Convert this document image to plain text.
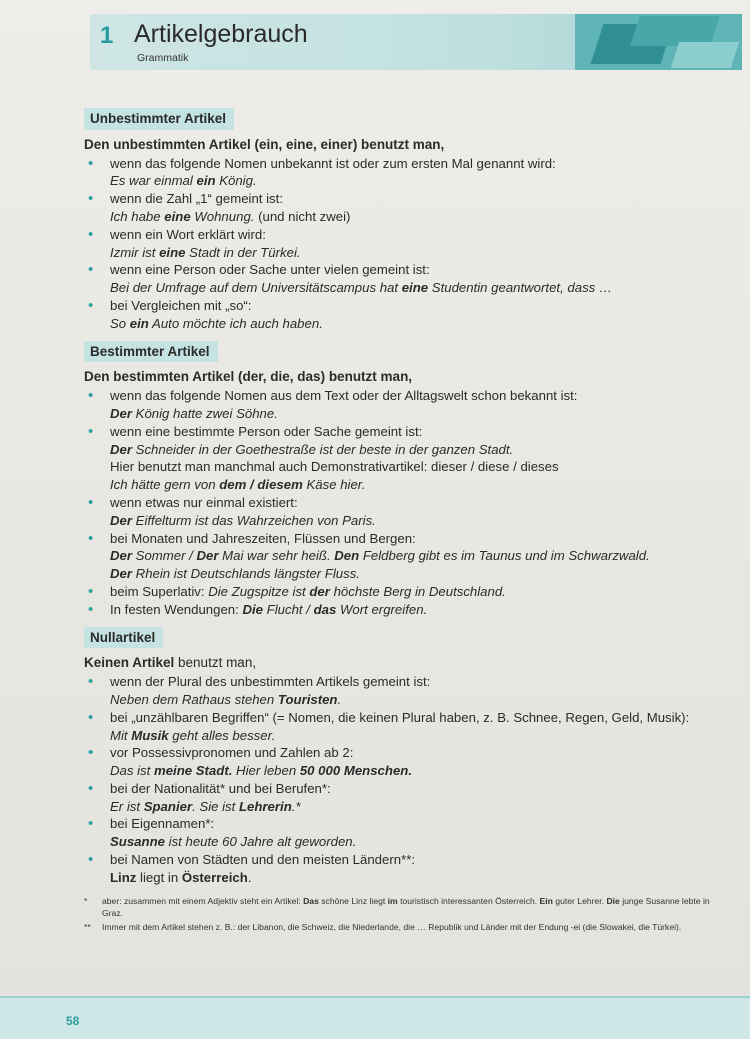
1 Artikelgebrauch
Grammatik
Unbestimmter Artikel
Den unbestimmten Artikel (ein, eine, einer) benutzt man,
• wenn das folgende Nomen unbekannt ist oder zum ersten Mal genannt wird:
Es war einmal ein König.
• wenn die Zahl „1“ gemeint ist:
Ich habe eine Wohnung. (und nicht zwei)
• wenn ein Wort erklärt wird:
Izmir ist eine Stadt in der Türkei.
• wenn eine Person oder Sache unter vielen gemeint ist:
Bei der Umfrage auf dem Universitätscampus hat eine Studentin geantwortet, dass …
• bei Vergleichen mit „so“:
So ein Auto möchte ich auch haben.
Bestimmter Artikel
Den bestimmten Artikel (der, die, das) benutzt man,
• wenn das folgende Nomen aus dem Text oder der Alltagswelt schon bekannt ist:
Der König hatte zwei Söhne.
• wenn eine bestimmte Person oder Sache gemeint ist:
Der Schneider in der Goethestraße ist der beste in der ganzen Stadt.
Hier benutzt man manchmal auch Demonstrativartikel: dieser / diese / dieses
Ich hätte gern von dem / diesem Käse hier.
• wenn etwas nur einmal existiert:
Der Eiffelturm ist das Wahrzeichen von Paris.
• bei Monaten und Jahreszeiten, Flüssen und Bergen:
Der Sommer / Der Mai war sehr heiß. Den Feldberg gibt es im Taunus und im Schwarzwald.
Der Rhein ist Deutschlands längster Fluss.
• beim Superlativ: Die Zugspitze ist der höchste Berg in Deutschland.
• In festen Wendungen: Die Flucht / das Wort ergreifen.
Nullartikel
Keinen Artikel benutzt man,
• wenn der Plural des unbestimmten Artikels gemeint ist:
Neben dem Rathaus stehen Touristen.
• bei „unzählbaren Begriffen“ (= Nomen, die keinen Plural haben, z. B. Schnee, Regen, Geld, Musik): Mit Musik geht alles besser.
• vor Possessivpronomen und Zahlen ab 2:
Das ist meine Stadt. Hier leben 50 000 Menschen.
• bei der Nationalität* und bei Berufen*:
Er ist Spanier. Sie ist Lehrerin.*
• bei Eigennamen*:
Susanne ist heute 60 Jahre alt geworden.
• bei Namen von Städten und den meisten Ländern**:
Linz liegt in Österreich.
* aber: zusammen mit einem Adjektiv steht ein Artikel: Das schöne Linz liegt im touristisch interessanten Österreich. Ein guter Lehrer. Die junge Susanne lebte in Graz.
** Immer mit dem Artikel stehen z. B.: der Libanon, die Schweiz, die Niederlande, die … Republik und Länder mit der Endung -ei (die Slowakei, die Türkei).
58
